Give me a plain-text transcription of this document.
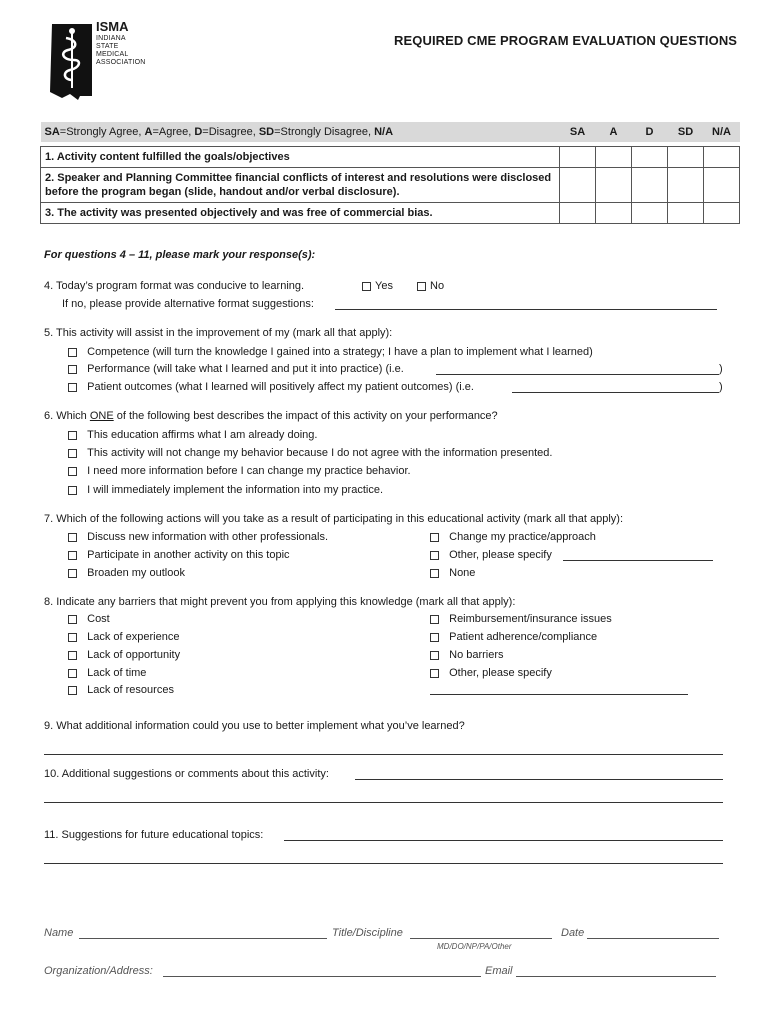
ISMA
INDIANA
STATE
MEDICAL
ASSOCIATION
REQUIRED CME PROGRAM EVALUATION QUESTIONS
SA=Strongly Agree, A=Agree, D=Disagree, SD=Strongly Disagree, N/A	SA	A	D	SD	N/A

1. Activity content fulfilled the goals/objectives					
2. Speaker and Planning Committee financial conflicts of interest and resolutions were disclosed before the program began (slide, handout and/or verbal disclosure).					
3. The activity was presented objectively and was free of commercial bias.					
For questions 4 – 11, please mark your response(s):
4. Today’s program format was conducive to learning.	Yes	No
If no, please provide alternative format suggestions:
5. This activity will assist in the improvement of my (mark all that apply):
Competence (will turn the knowledge I gained into a strategy; I have a plan to implement what I learned)
Performance (will take what I learned and put it into practice) (i.e.	)
Patient outcomes (what I learned will positively affect my patient outcomes) (i.e.	)
6. Which ONE of the following best describes the impact of this activity on your performance?
This education affirms what I am already doing.
This activity will not change my behavior because I do not agree with the information presented.
I need more information before I can change my practice behavior.
I will immediately implement the information into my practice.
7. Which of the following actions will you take as a result of participating in this educational activity (mark all that apply):
Discuss new information with other professionals.
Participate in another activity on this topic
Broaden my outlook
Change my practice/approach
Other, please specify
None
8. Indicate any barriers that might prevent you from applying this knowledge (mark all that apply):
Cost
Lack of experience
Lack of opportunity
Lack of time
Lack of resources
Reimbursement/insurance issues
Patient adherence/compliance
No barriers
Other, please specify
9. What additional information could you use to better implement what you’ve learned?
10. Additional suggestions or comments about this activity:
11. Suggestions for future educational topics:
Name	Title/Discipline	Date
MD/DO/NP/PA/Other
Organization/Address:	Email
